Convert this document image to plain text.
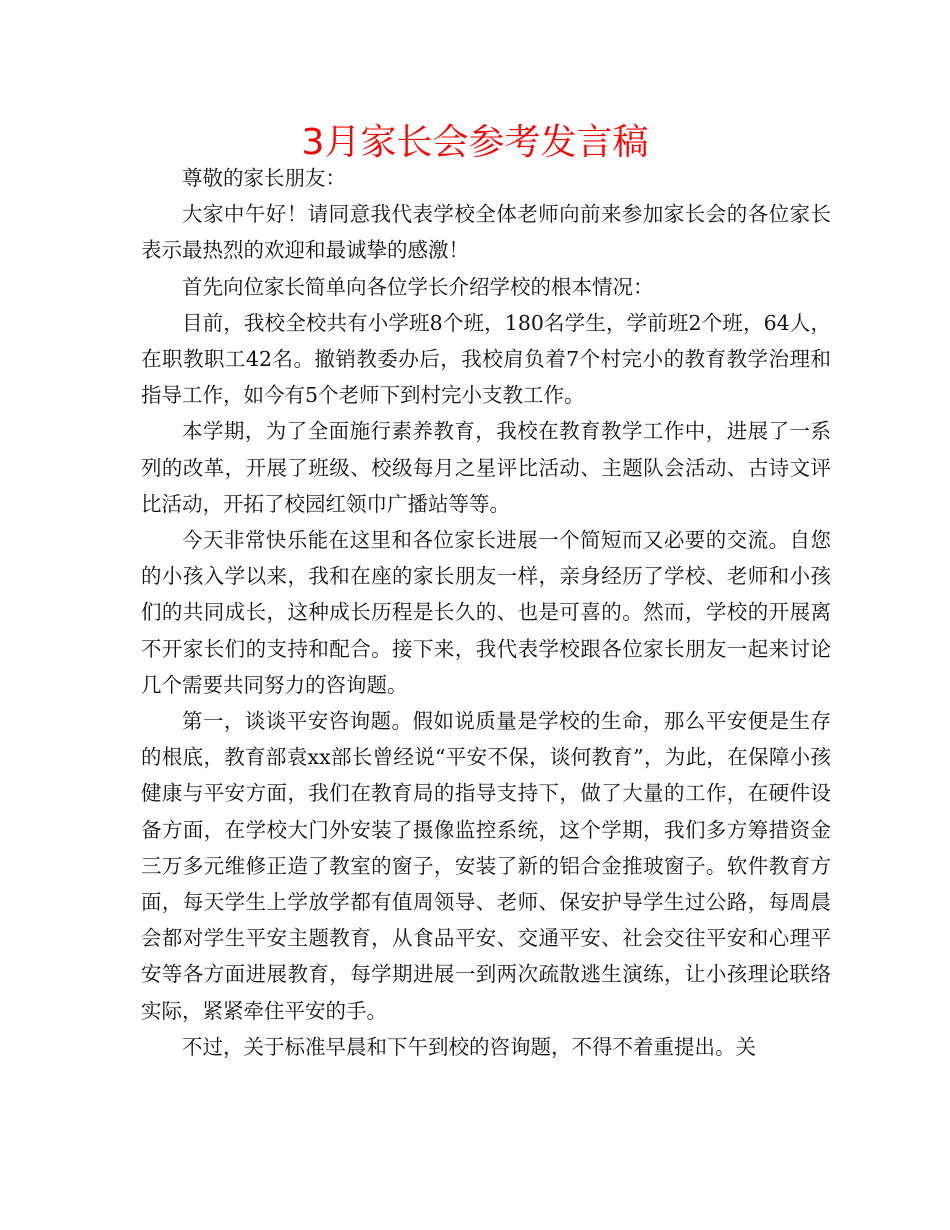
3月家长会参考发言稿

尊敬的家长朋友：

大家中午好！请同意我代表学校全体老师向前来参加家长会的各位家长表示最热烈的欢迎和最诚挚的感激！

首先向位家长简单向各位学长介绍学校的根本情况：

目前，我校全校共有小学班8个班，180名学生，学前班2个班，64人，在职教职工42名。撤销教委办后，我校肩负着7个村完小的教育教学治理和指导工作，如今有5个老师下到村完小支教工作。

本学期，为了全面施行素养教育，我校在教育教学工作中，进展了一系列的改革，开展了班级、校级每月之星评比活动、主题队会活动、古诗文评比活动，开拓了校园红领巾广播站等等。

今天非常快乐能在这里和各位家长进展一个简短而又必要的交流。自您的小孩入学以来，我和在座的家长朋友一样，亲身经历了学校、老师和小孩们的共同成长，这种成长历程是长久的、也是可喜的。然而，学校的开展离不开家长们的支持和配合。接下来，我代表学校跟各位家长朋友一起来讨论几个需要共同努力的咨询题。

第一，谈谈平安咨询题。假如说质量是学校的生命，那么平安便是生存的根底，教育部袁xx部长曾经说“平安不保，谈何教育”，为此，在保障小孩健康与平安方面，我们在教育局的指导支持下，做了大量的工作，在硬件设备方面，在学校大门外安装了摄像监控系统，这个学期，我们多方筹措资金三万多元维修正造了教室的窗子，安装了新的铝合金推玻窗子。软件教育方面，每天学生上学放学都有值周领导、老师、保安护导学生过公路，每周晨会都对学生平安主题教育，从食品平安、交通平安、社会交往平安和心理平安等各方面进展教育，每学期进展一到两次疏散逃生演练，让小孩理论联络实际，紧紧牵住平安的手。

不过，关于标准早晨和下午到校的咨询题，不得不着重提出。关
